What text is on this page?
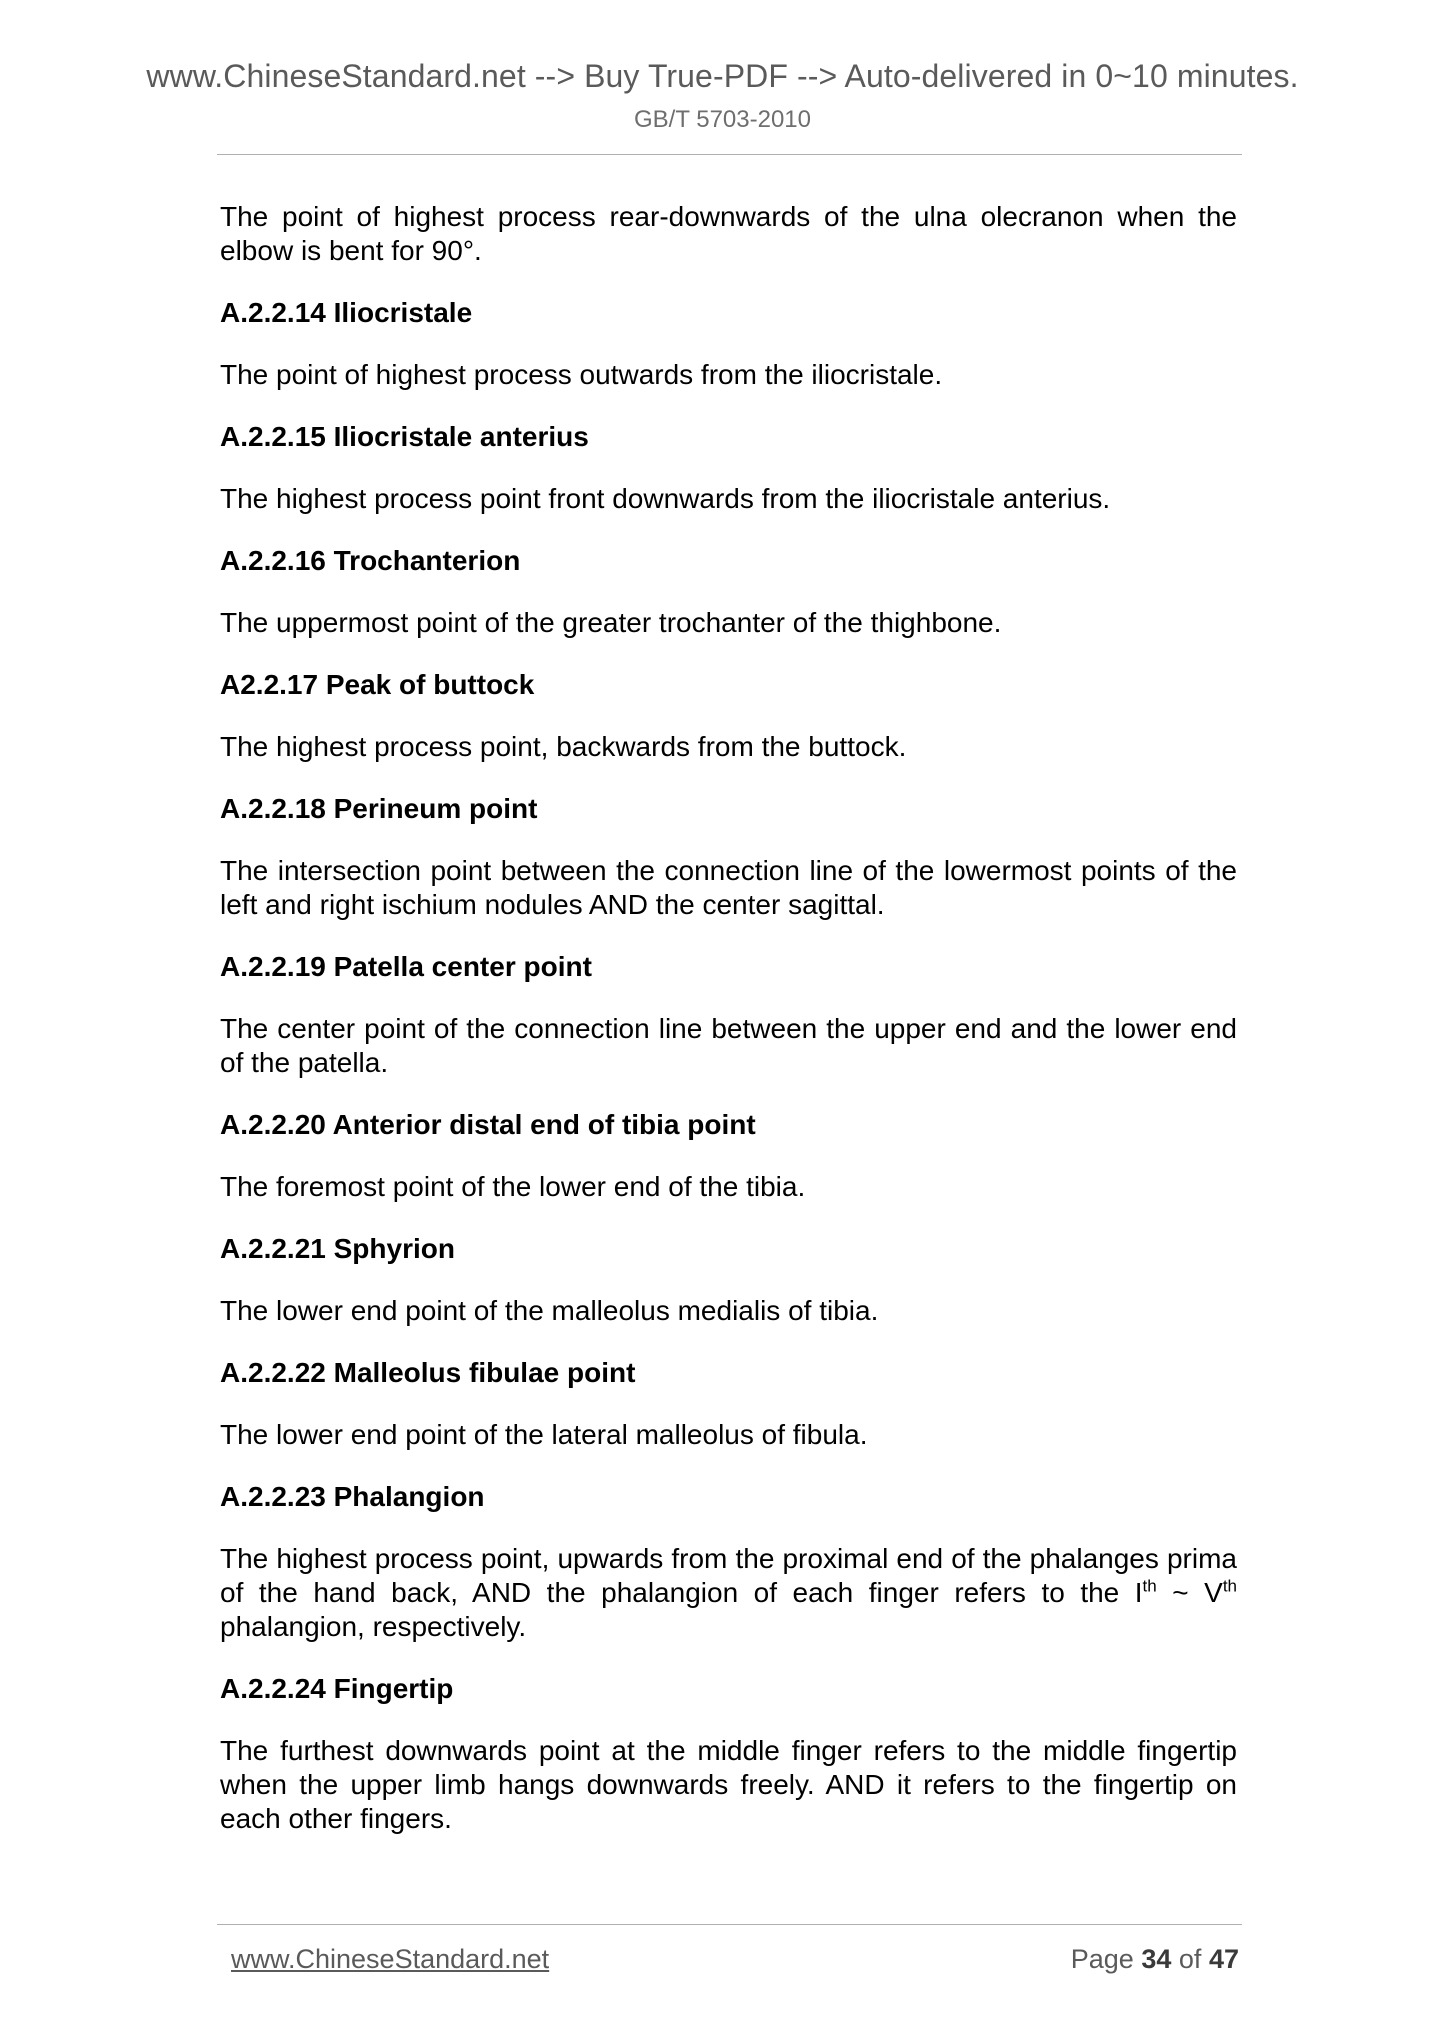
www.ChineseStandard.net --> Buy True-PDF --> Auto-delivered in 0~10 minutes.
GB/T 5703-2010

The point of highest process rear-downwards of the ulna olecranon when the elbow is bent for 90°.

A.2.2.14 Iliocristale

The point of highest process outwards from the iliocristale.

A.2.2.15 Iliocristale anterius

The highest process point front downwards from the iliocristale anterius.

A.2.2.16 Trochanterion

The uppermost point of the greater trochanter of the thighbone.

A2.2.17 Peak of buttock

The highest process point, backwards from the buttock.

A.2.2.18 Perineum point

The intersection point between the connection line of the lowermost points of the left and right ischium nodules AND the center sagittal.

A.2.2.19 Patella center point

The center point of the connection line between the upper end and the lower end of the patella.

A.2.2.20 Anterior distal end of tibia point

The foremost point of the lower end of the tibia.

A.2.2.21 Sphyrion

The lower end point of the malleolus medialis of tibia.

A.2.2.22 Malleolus fibulae point

The lower end point of the lateral malleolus of fibula.

A.2.2.23 Phalangion

The highest process point, upwards from the proximal end of the phalanges prima of the hand back, AND the phalangion of each finger refers to the Ith ~ Vth phalangion, respectively.

A.2.2.24 Fingertip

The furthest downwards point at the middle finger refers to the middle fingertip when the upper limb hangs downwards freely. AND it refers to the fingertip on each other fingers.

www.ChineseStandard.net	Page 34 of 47
